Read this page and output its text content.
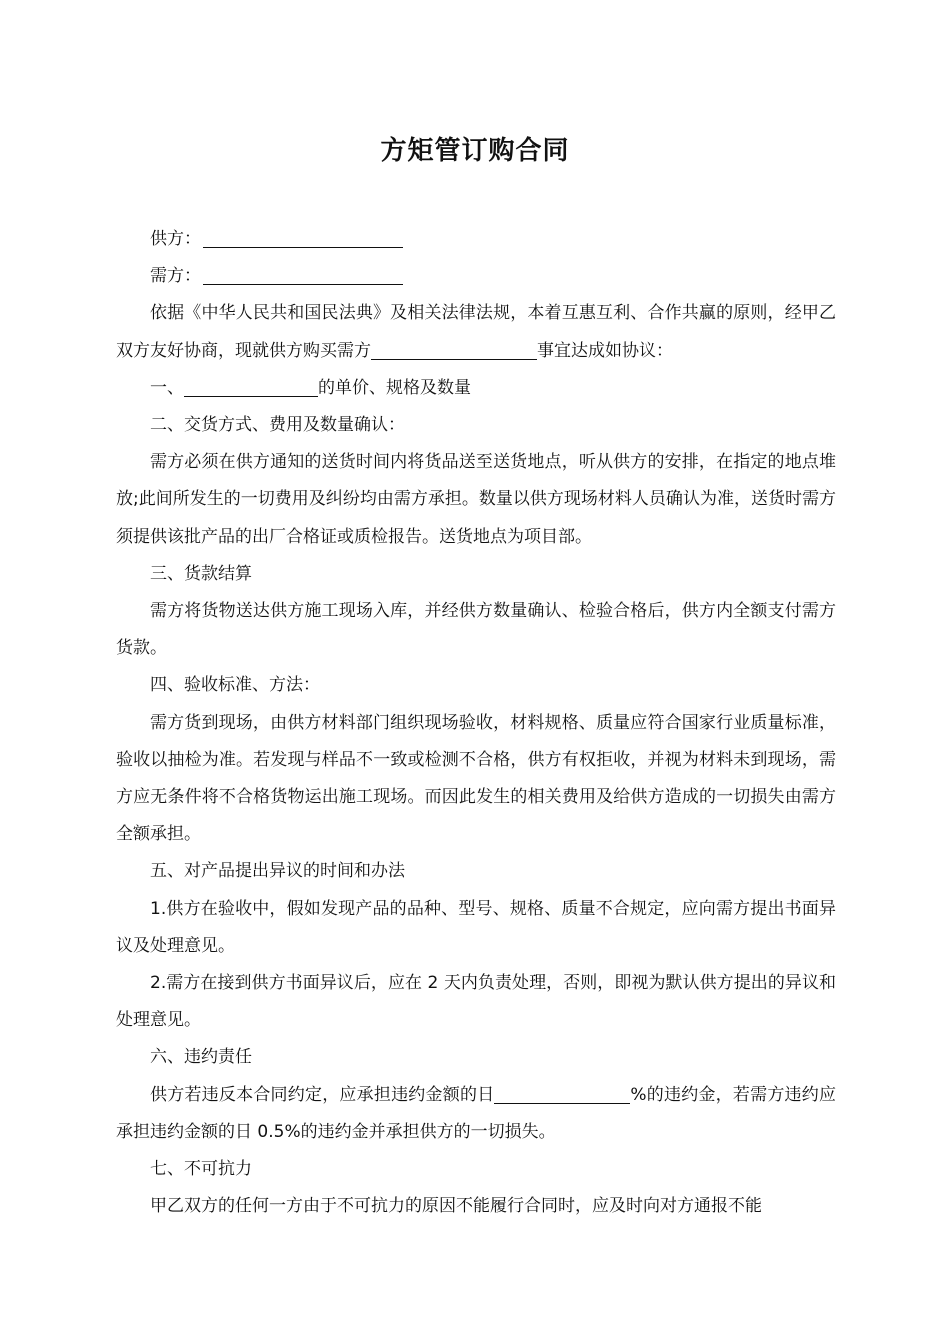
方矩管订购合同

供方：

需方：

依据《中华人民共和国民法典》及相关法律法规，本着互惠互利、合作共赢的原则，经甲乙双方友好协商，现就供方购买需方	事宜达成如协议：

一、	的单价、规格及数量

二、交货方式、费用及数量确认：

需方必须在供方通知的送货时间内将货品送至送货地点，听从供方的安排，在指定的地点堆放;此间所发生的一切费用及纠纷均由需方承担。数量以供方现场材料人员确认为准，送货时需方须提供该批产品的出厂合格证或质检报告。送货地点为项目部。

三、货款结算

需方将货物送达供方施工现场入库，并经供方数量确认、检验合格后，供方内全额支付需方货款。

四、验收标准、方法：

需方货到现场，由供方材料部门组织现场验收，材料规格、质量应符合国家行业质量标准，验收以抽检为准。若发现与样品不一致或检测不合格，供方有权拒收，并视为材料未到现场，需方应无条件将不合格货物运出施工现场。而因此发生的相关费用及给供方造成的一切损失由需方全额承担。

五、对产品提出异议的时间和办法

1.供方在验收中，假如发现产品的品种、型号、规格、质量不合规定，应向需方提出书面异议及处理意见。

2.需方在接到供方书面异议后，应在 2 天内负责处理，否则，即视为默认供方提出的异议和处理意见。

六、违约责任

供方若违反本合同约定，应承担违约金额的日	%的违约金，若需方违约应承担违约金额的日 0.5%的违约金并承担供方的一切损失。

七、不可抗力

甲乙双方的任何一方由于不可抗力的原因不能履行合同时，应及时向对方通报不能
